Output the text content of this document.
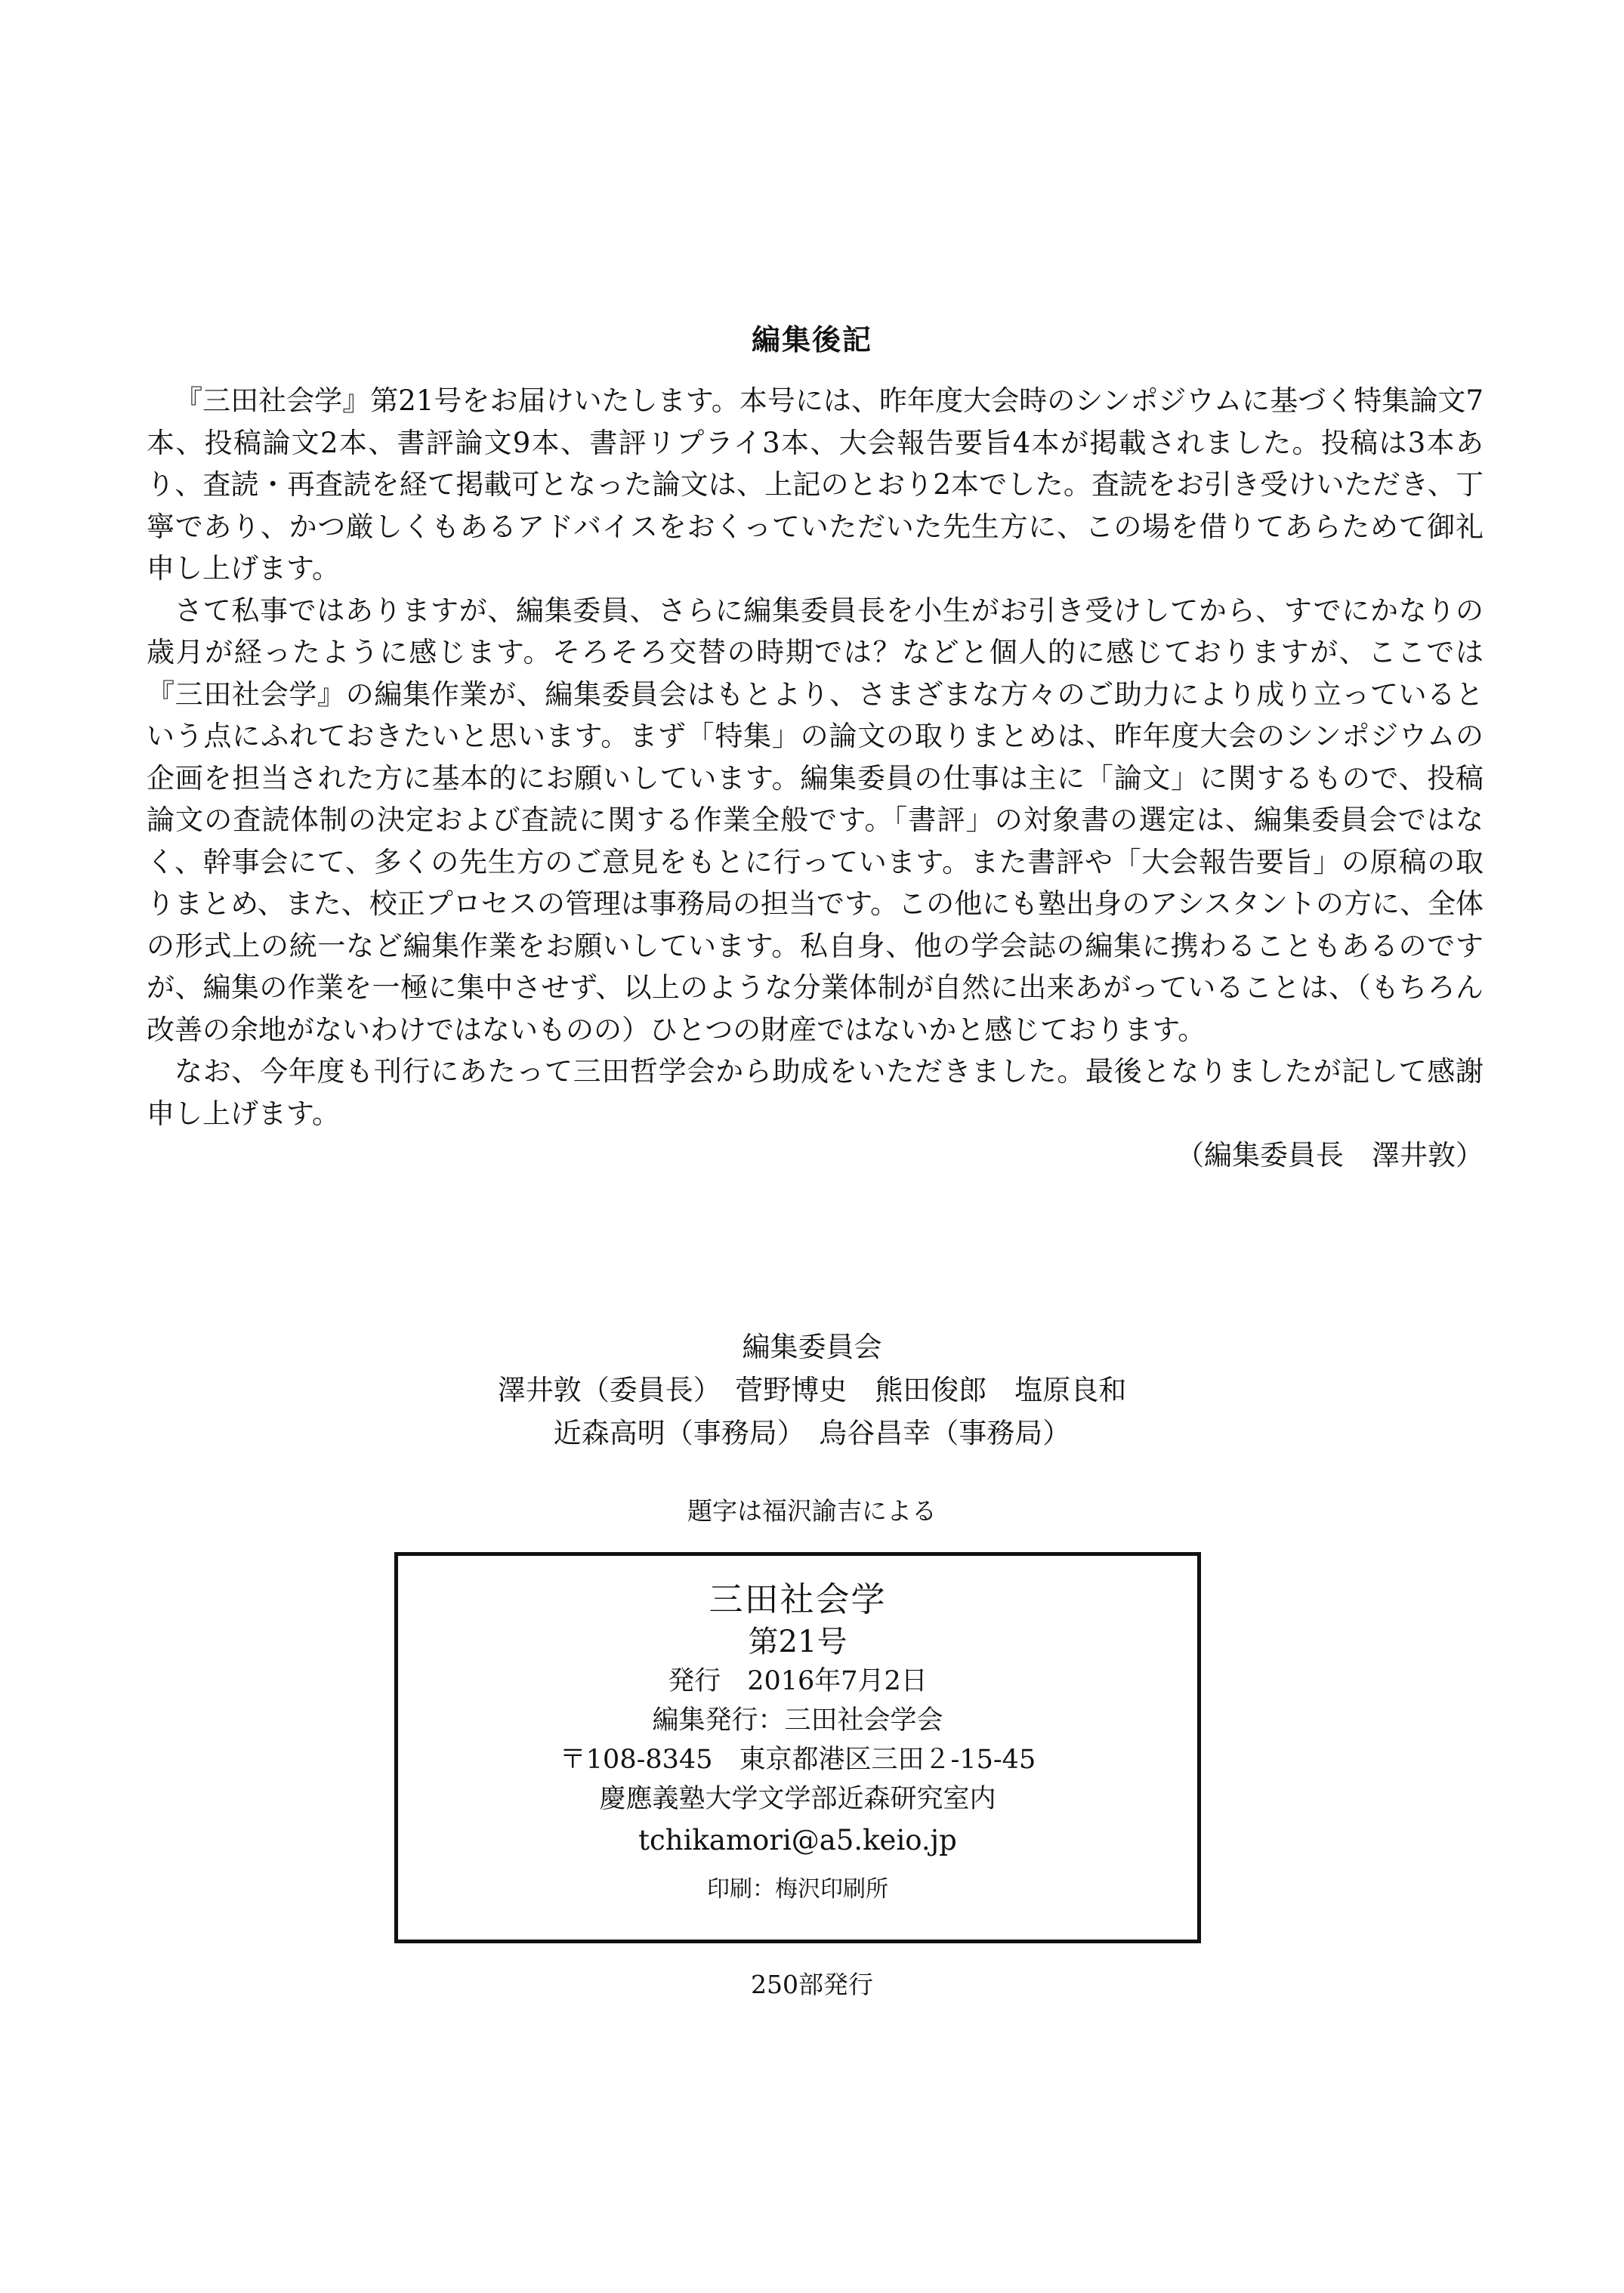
編集後記

『三田社会学』第21号をお届けいたします。本号には、昨年度大会時のシンポジウムに基づく特集論文7本、投稿論文2本、書評論文9本、書評リプライ3本、大会報告要旨4本が掲載されました。投稿は3本あり、査読・再査読を経て掲載可となった論文は、上記のとおり2本でした。査読をお引き受けいただき、丁寧であり、かつ厳しくもあるアドバイスをおくっていただいた先生方に、この場を借りてあらためて御礼申し上げます。

さて私事ではありますが、編集委員、さらに編集委員長を小生がお引き受けしてから、すでにかなりの歳月が経ったように感じます。そろそろ交替の時期では？などと個人的に感じておりますが、ここでは『三田社会学』の編集作業が、編集委員会はもとより、さまざまな方々のご助力により成り立っているという点にふれておきたいと思います。まず「特集」の論文の取りまとめは、昨年度大会のシンポジウムの企画を担当された方に基本的にお願いしています。編集委員の仕事は主に「論文」に関するもので、投稿論文の査読体制の決定および査読に関する作業全般です。「書評」の対象書の選定は、編集委員会ではなく、幹事会にて、多くの先生方のご意見をもとに行っています。また書評や「大会報告要旨」の原稿の取りまとめ、また、校正プロセスの管理は事務局の担当です。この他にも塾出身のアシスタントの方に、全体の形式上の統一など編集作業をお願いしています。私自身、他の学会誌の編集に携わることもあるのですが、編集の作業を一極に集中させず、以上のような分業体制が自然に出来あがっていることは、（もちろん改善の余地がないわけではないものの）ひとつの財産ではないかと感じております。

なお、今年度も刊行にあたって三田哲学会から助成をいただきました。最後となりましたが記して感謝申し上げます。

（編集委員長　澤井敦）
編集委員会
澤井敦（委員長）　菅野博史　熊田俊郎　塩原良和
近森高明（事務局）　烏谷昌幸（事務局）
題字は福沢諭吉による
三田社会学
第21号
発行　2016年7月2日
編集発行：三田社会学会
〒108-8345　東京都港区三田２-15-45
慶應義塾大学文学部近森研究室内
tchikamori@a5.keio.jp
印刷：梅沢印刷所
250部発行
